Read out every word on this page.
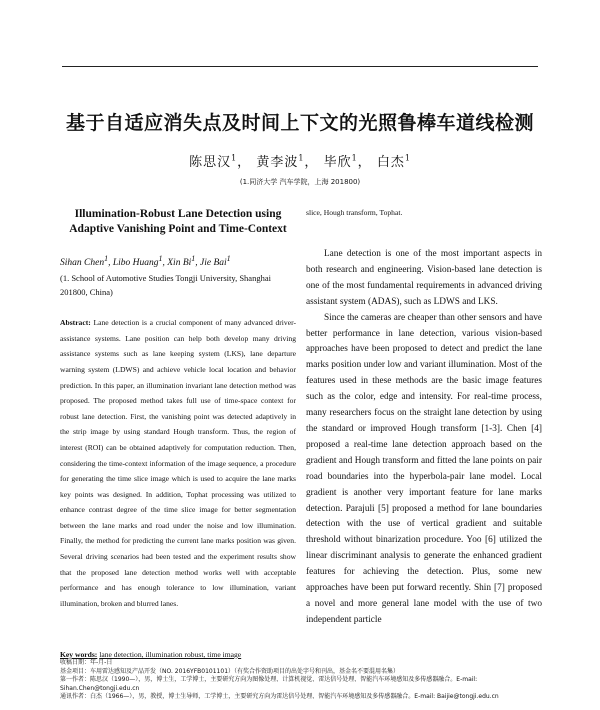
基于自适应消失点及时间上下文的光照鲁棒车道线检测
陈思汉$^1$， 黄李波$^1$， 毕欣$^1$， 白杰$^1$
(1.同济大学 汽车学院，上海 201800)
Illumination-Robust Lane Detection using
Adaptive Vanishing Point and Time-Context
Sihan Chen$^1$, Libo Huang$^1$, Xin Bi$^1$, Jie Bai$^1$
(1. School of Automotive Studies Tongji University, Shanghai 201800, China)
Abstract: Lane detection is a crucial component of many advanced driver-assistance systems. Lane position can help both develop many driving assistance systems such as lane keeping system (LKS), lane departure warning system (LDWS) and achieve vehicle local location and behavior prediction. In this paper, an illumination invariant lane detection method was proposed. The proposed method takes full use of time-space context for robust lane detection. First, the vanishing point was detected adaptively in the strip image by using standard Hough transform. Thus, the region of interest (ROI) can be obtained adaptively for computation reduction. Then, considering the time-context information of the image sequence, a procedure for generating the time slice image which is used to acquire the lane marks key points was designed. In addition, Tophat processing was utilized to enhance contrast degree of the time slice image for better segmentation between the lane marks and road under the noise and low illumination. Finally, the method for predicting the current lane marks position was given. Several driving scenarios had been tested and the experiment results show that the proposed lane detection method works well with acceptable performance and has enough tolerance to low illumination, variant illumination, broken and blurred lanes.
Key words: lane detection, illumination robust, time image
slice, Hough transform, Tophat.
Lane detection is one of the most important aspects in both research and engineering. Vision-based lane detection is one of the most fundamental requirements in advanced driving assistant system (ADAS), such as LDWS and LKS.
Since the cameras are cheaper than other sensors and have better performance in lane detection, various vision-based approaches have been proposed to detect and predict the lane marks position under low and variant illumination. Most of the features used in these methods are the basic image features such as the color, edge and intensity. For real-time process, many researchers focus on the straight lane detection by using the standard or improved Hough transform [1-3]. Chen [4] proposed a real-time lane detection approach based on the gradient and Hough transform and fitted the lane points on pair road boundaries into the hyperbola-pair lane model. Local gradient is another very important feature for lane marks detection. Parajuli [5] proposed a method for lane boundaries detection with the use of vertical gradient and suitable threshold without binarization procedure. Yoo [6] utilized the linear discriminant analysis to generate the enhanced gradient features for achieving the detection. Plus, some new approaches have been put forward recently. Shin [7] proposed a novel and more general lane model with the use of two independent particle
收稿日期：年-月-日
基金项目：车用雷达感知及产品开发（NO. 2016YFB0101101）（有奖合作资助项目的出处字号和刊出，基金名不要混用名集）
第一作者：陈思汉（1990—），男，博士生，工学博士，主要研究方向为图像处理、计算机视觉、雷达信号处理、智能汽车环境感知及多传感器融合。E-mail: Sihan.Chen@tongji.edu.cn
通讯作者：白杰（1966—），男，教授，博士生导师，工学博士，主要研究方向为雷达信号处理、智能汽车环境感知及多传感器融合。E-mail: Baijie@tongji.edu.cn
